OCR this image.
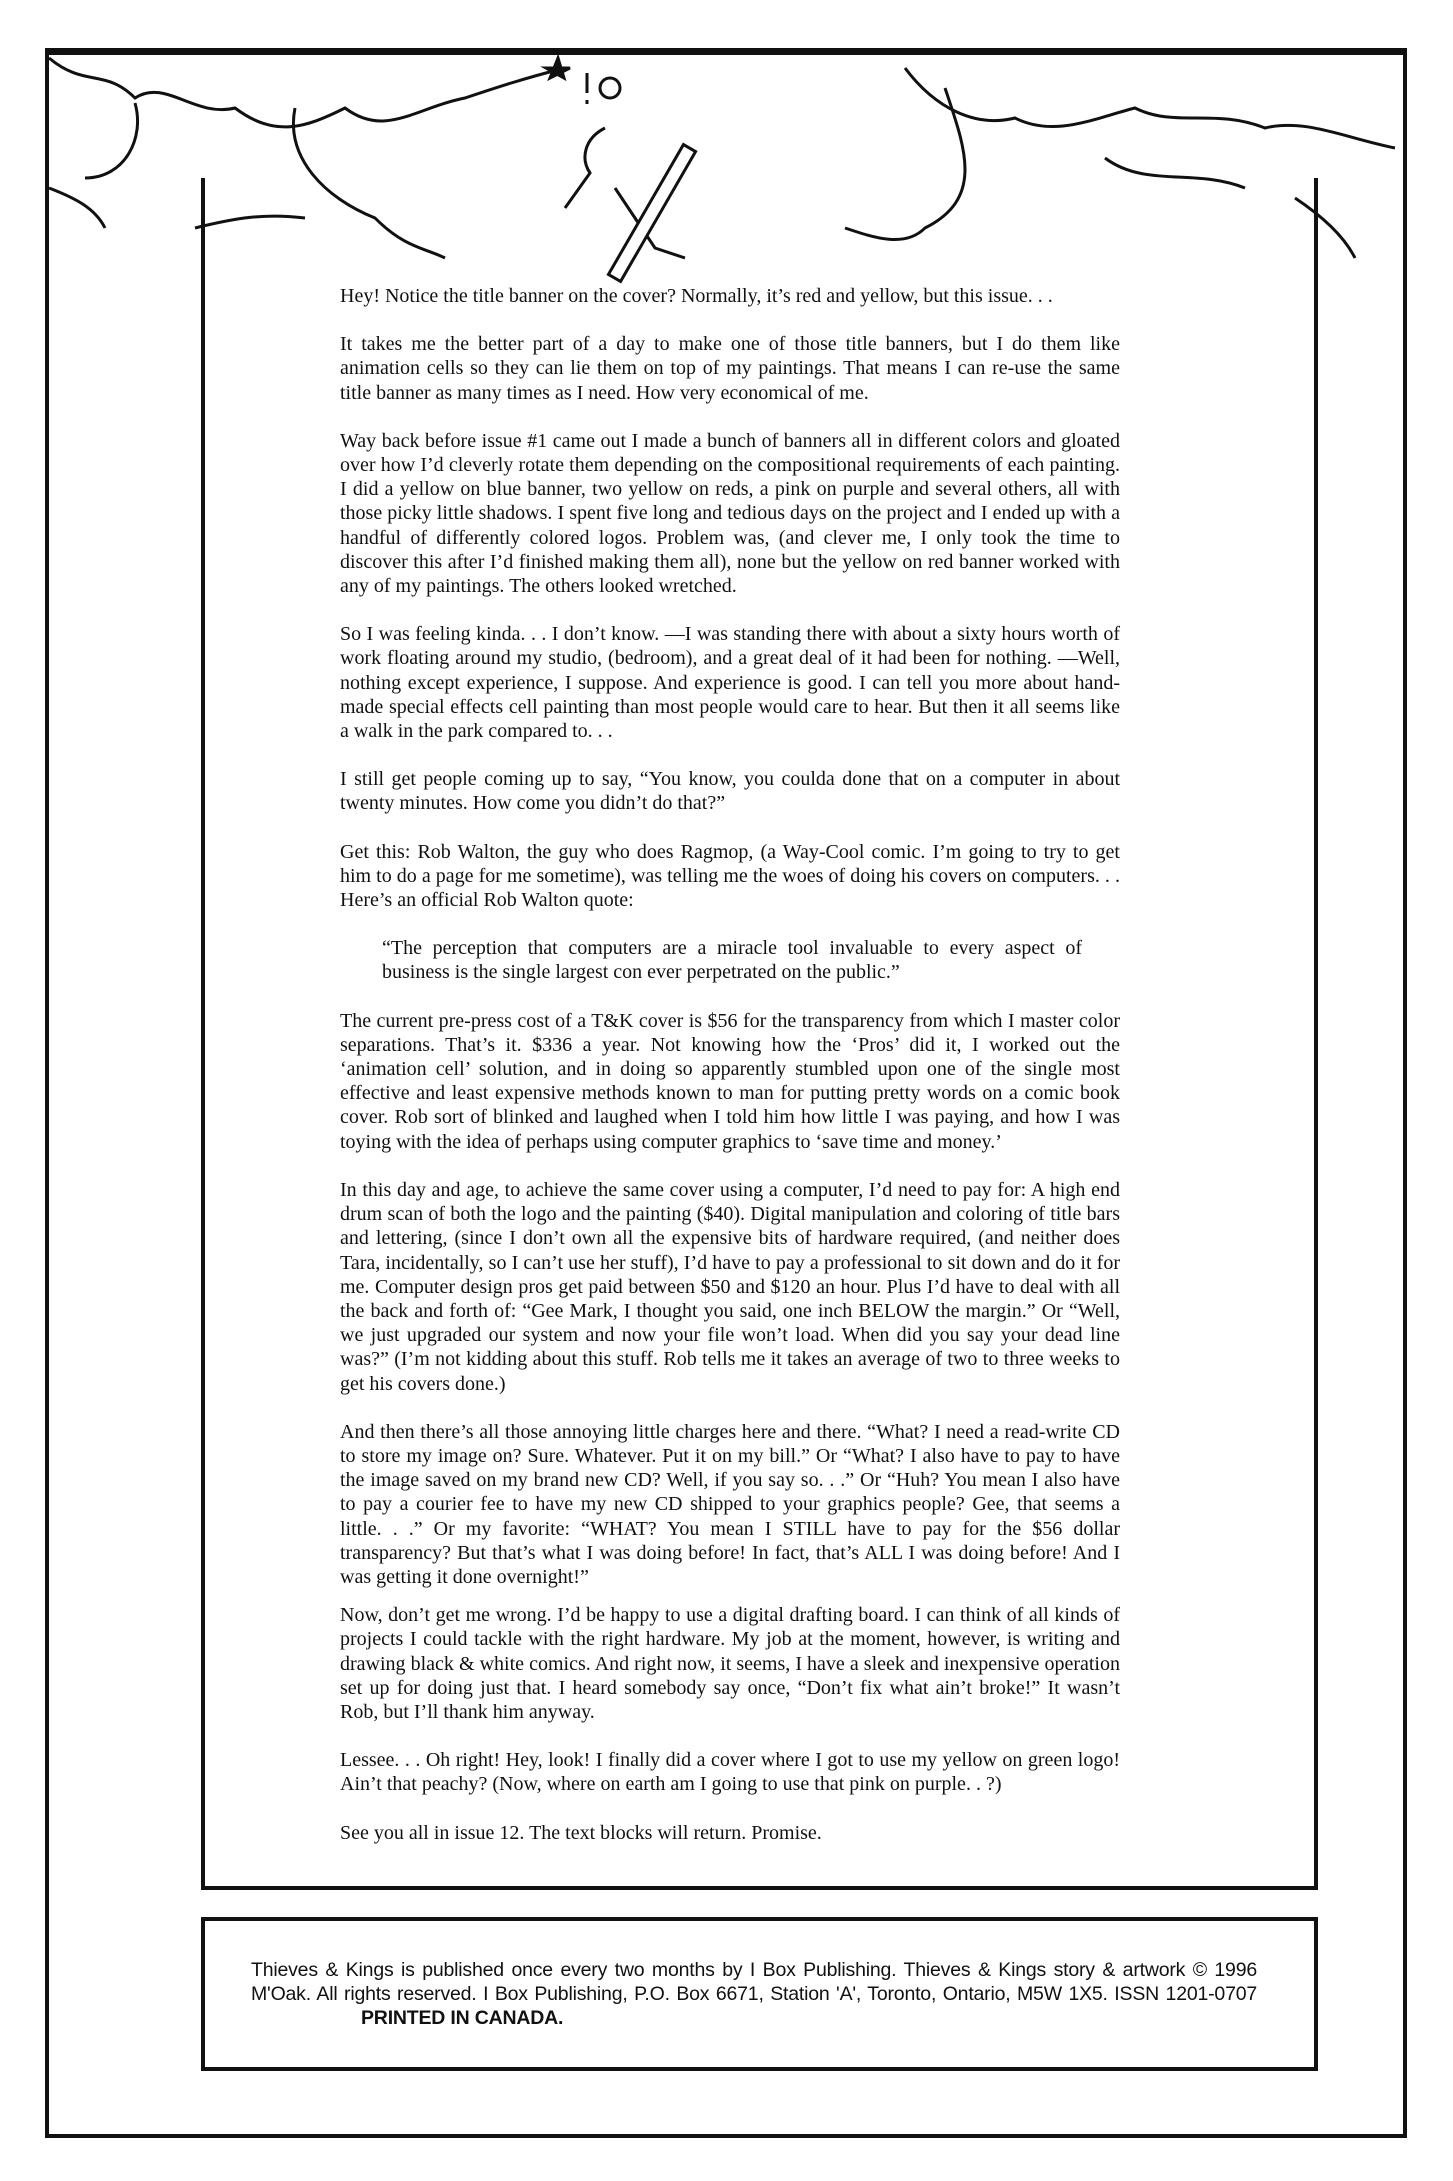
Hey! Notice the title banner on the cover? Normally, it’s red and yellow, but this issue. . .

It takes me the better part of a day to make one of those title banners, but I do them like animation cells so they can lie them on top of my paintings. That means I can re-use the same title banner as many times as I need. How very economical of me.

Way back before issue #1 came out I made a bunch of banners all in different colors and gloated over how I’d cleverly rotate them depending on the compositional requirements of each painting. I did a yellow on blue banner, two yellow on reds, a pink on purple and several others, all with those picky little shadows. I spent five long and tedious days on the project and I ended up with a handful of differently colored logos. Problem was, (and clever me, I only took the time to discover this after I’d finished making them all), none but the yellow on red banner worked with any of my paintings. The others looked wretched.

So I was feeling kinda. . . I don’t know. —I was standing there with about a sixty hours worth of work floating around my studio, (bedroom), and a great deal of it had been for nothing. —Well, nothing except experience, I suppose. And experience is good. I can tell you more about hand-made special effects cell painting than most people would care to hear. But then it all seems like a walk in the park compared to. . .

I still get people coming up to say, “You know, you coulda done that on a computer in about twenty minutes. How come you didn’t do that?”

Get this: Rob Walton, the guy who does Ragmop, (a Way-Cool comic. I’m going to try to get him to do a page for me sometime), was telling me the woes of doing his covers on computers. . . Here’s an official Rob Walton quote:

“The perception that computers are a miracle tool invaluable to every aspect of business is the single largest con ever perpetrated on the public.”

The current pre-press cost of a T&K cover is $56 for the transparency from which I master color separations. That’s it. $336 a year. Not knowing how the ‘Pros’ did it, I worked out the ‘animation cell’ solution, and in doing so apparently stumbled upon one of the single most effective and least expensive methods known to man for putting pretty words on a comic book cover. Rob sort of blinked and laughed when I told him how little I was paying, and how I was toying with the idea of perhaps using computer graphics to ‘save time and money.’

In this day and age, to achieve the same cover using a computer, I’d need to pay for: A high end drum scan of both the logo and the painting ($40). Digital manipulation and coloring of title bars and lettering, (since I don’t own all the expensive bits of hardware required, (and neither does Tara, incidentally, so I can’t use her stuff), I’d have to pay a professional to sit down and do it for me. Computer design pros get paid between $50 and $120 an hour. Plus I’d have to deal with all the back and forth of: “Gee Mark, I thought you said, one inch BELOW the margin.” Or “Well, we just upgraded our system and now your file won’t load. When did you say your dead line was?” (I’m not kidding about this stuff. Rob tells me it takes an average of two to three weeks to get his covers done.)

And then there’s all those annoying little charges here and there. “What? I need a read-write CD to store my image on? Sure. Whatever. Put it on my bill.” Or “What? I also have to pay to have the image saved on my brand new CD? Well, if you say so. . .” Or “Huh? You mean I also have to pay a courier fee to have my new CD shipped to your graphics people? Gee, that seems a little. . .” Or my favorite: “WHAT? You mean I STILL have to pay for the $56 dollar transparency? But that’s what I was doing before! In fact, that’s ALL I was doing before! And I was getting it done overnight!”

Now, don’t get me wrong. I’d be happy to use a digital drafting board. I can think of all kinds of projects I could tackle with the right hardware. My job at the moment, however, is writing and drawing black & white comics. And right now, it seems, I have a sleek and inexpensive operation set up for doing just that. I heard somebody say once, “Don’t fix what ain’t broke!” It wasn’t Rob, but I’ll thank him anyway.

Lessee. . . Oh right! Hey, look! I finally did a cover where I got to use my yellow on green logo! Ain’t that peachy? (Now, where on earth am I going to use that pink on purple. . ?)

See you all in issue 12. The text blocks will return. Promise.

Thieves & Kings is published once every two months by I Box Publishing. Thieves & Kings story & artwork © 1996 M'Oak. All rights reserved. I Box Publishing, P.O. Box 6671, Station 'A', Toronto, Ontario, M5W 1X5. ISSN 1201-0707 PRINTED IN CANADA.
